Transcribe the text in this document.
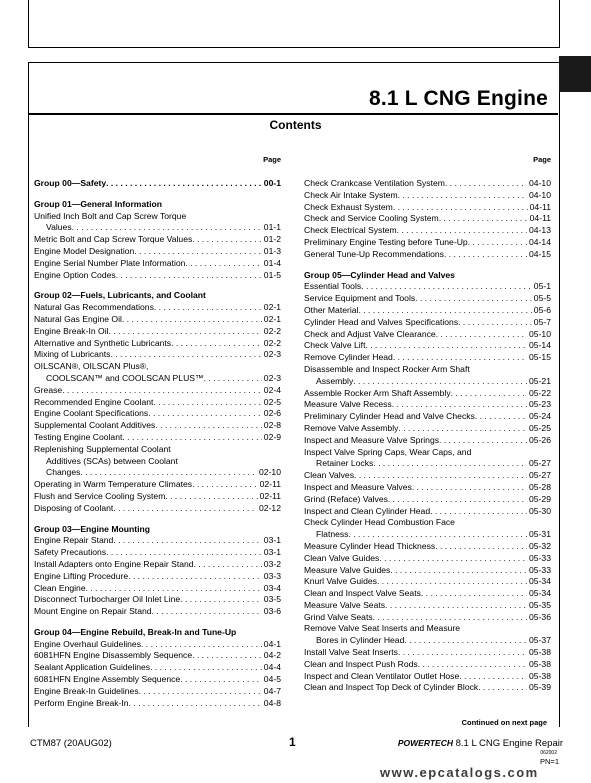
8.1 L CNG Engine
Contents
Page
Group 00—Safety . . .	00-1
Group 01—General Information
Unified Inch Bolt and Cap Screw Torque
Values . . .	01-1
Metric Bolt and Cap Screw Torque Values . . .	01-2
Engine Model Designation . . .	01-3
Engine Serial Number Plate Information . . .	01-4
Engine Option Codes . . .	01-5
Group 02—Fuels, Lubricants, and Coolant
Natural Gas Recommendations . . .	02-1
Natural Gas Engine Oil . . .	02-1
Engine Break-In Oil . . .	02-2
Alternative and Synthetic Lubricants . . .	02-2
Mixing of Lubricants . . .	02-3
OILSCAN®, OILSCAN Plus®,
COOLSCAN™ and COOLSCAN PLUS™ . . .	02-3
Grease . . .	02-4
Recommended Engine Coolant . . .	02-5
Engine Coolant Specifications . . .	02-6
Supplemental Coolant Additives . . .	02-8
Testing Engine Coolant . . .	02-9
Replenishing Supplemental Coolant
Additives (SCAs) between Coolant
Changes . . .	02-10
Operating in Warm Temperature Climates . . .	02-11
Flush and Service Cooling System . . .	02-11
Disposing of Coolant . . .	02-12
Group 03—Engine Mounting
Engine Repair Stand . . .	03-1
Safety Precautions . . .	03-1
Install Adapters onto Engine Repair Stand . . .	03-2
Engine Lifting Procedure . . .	03-3
Clean Engine . . .	03-4
Disconnect Turbocharger Oil Inlet Line . . .	03-5
Mount Engine on Repair Stand . . .	03-6
Group 04—Engine Rebuild, Break-In and Tune-Up
Engine Overhaul Guidelines . . .	04-1
6081HFN Engine Disassembly Sequence . . .	04-2
Sealant Application Guidelines . . .	04-4
6081HFN Engine Assembly Sequence . . .	04-5
Engine Break-In Guidelines . . .	04-7
Perform Engine Break-In . . .	04-8
Page
Check Crankcase Ventilation System . . .	04-10
Check Air Intake System . . .	04-10
Check Exhaust System . . .	04-11
Check and Service Cooling System . . .	04-11
Check Electrical System . . .	04-13
Preliminary Engine Testing before Tune-Up . . .	04-14
General Tune-Up Recommendations . . .	04-15
Group 05—Cylinder Head and Valves
Essential Tools . . .	05-1
Service Equipment and Tools . . .	05-5
Other Material . . .	05-6
Cylinder Head and Valves Specifications . . .	05-7
Check and Adjust Valve Clearance . . .	05-10
Check Valve Lift . . .	05-14
Remove Cylinder Head . . .	05-15
Disassemble and Inspect Rocker Arm Shaft
Assembly . . .	05-21
Assemble Rocker Arm Shaft Assembly . . .	05-22
Measure Valve Recess . . .	05-23
Preliminary Cylinder Head and Valve Checks . . .	05-24
Remove Valve Assembly . . .	05-25
Inspect and Measure Valve Springs . . .	05-26
Inspect Valve Spring Caps, Wear Caps, and
Retainer Locks . . .	05-27
Clean Valves . . .	05-27
Inspect and Measure Valves . . .	05-28
Grind (Reface) Valves . . .	05-29
Inspect and Clean Cylinder Head . . .	05-30
Check Cylinder Head Combustion Face
Flatness . . .	05-31
Measure Cylinder Head Thickness . . .	05-32
Clean Valve Guides . . .	05-33
Measure Valve Guides . . .	05-33
Knurl Valve Guides . . .	05-34
Clean and Inspect Valve Seats . . .	05-34
Measure Valve Seats . . .	05-35
Grind Valve Seats . . .	05-36
Remove Valve Seat Inserts and Measure
Bores in Cylinder Head . . .	05-37
Install Valve Seat Inserts . . .	05-38
Clean and Inspect Push Rods . . .	05-38
Inspect and Clean Ventilator Outlet Hose . . .	05-38
Clean and Inspect Top Deck of Cylinder Block . . .	05-39
Continued on next page
CTM87 (20AUG02)	1	POWERTECH 8.1 L CNG Engine Repair
062002
PN=1
www.epcatalogs.com
